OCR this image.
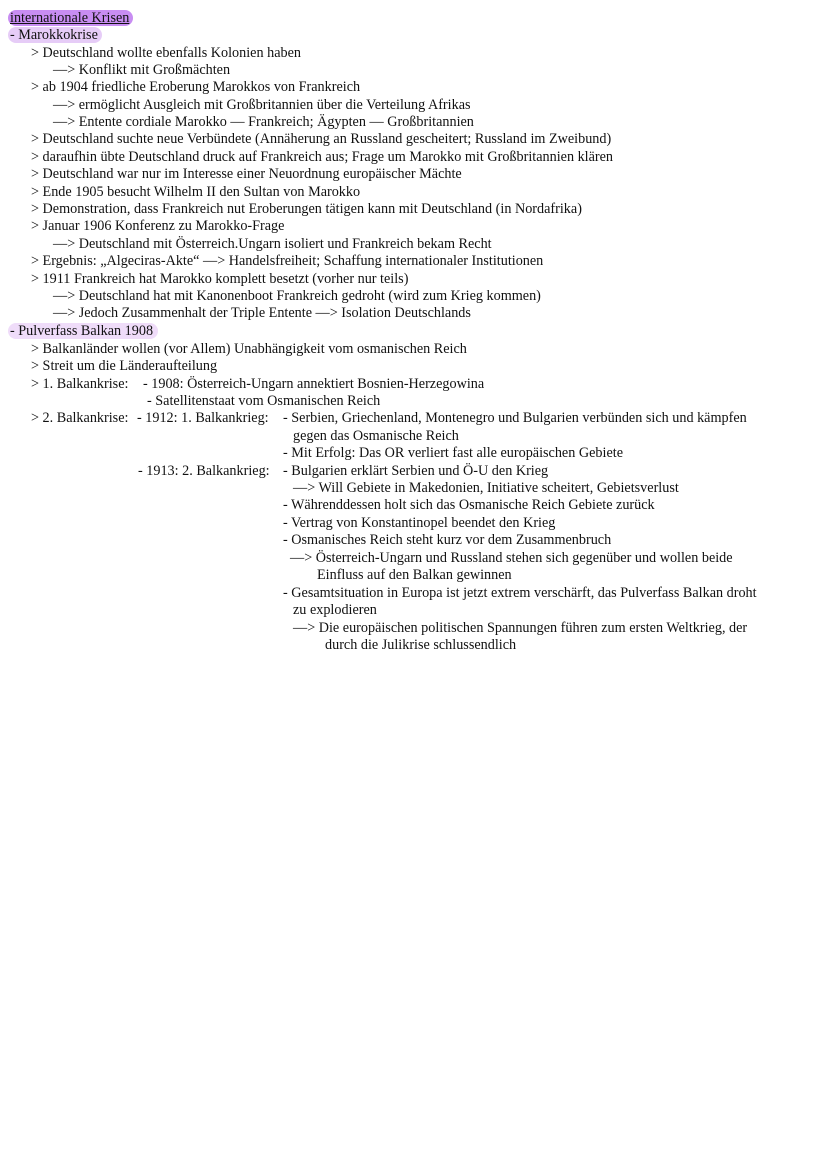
internationale Krisen
- Marokkokrise
> Deutschland wollte ebenfalls Kolonien haben
—> Konflikt mit Großmächten
> ab 1904 friedliche Eroberung Marokkos von Frankreich
—> ermöglicht Ausgleich mit Großbritannien über die Verteilung Afrikas
—> Entente cordiale Marokko — Frankreich; Ägypten — Großbritannien
> Deutschland suchte neue Verbündete (Annäherung an Russland gescheitert; Russland im Zweibund)
> daraufhin übte Deutschland druck auf Frankreich aus; Frage um Marokko mit Großbritannien klären
> Deutschland war nur im Interesse einer Neuordnung europäischer Mächte
> Ende 1905 besucht Wilhelm II den Sultan von Marokko
> Demonstration, dass Frankreich nut Eroberungen tätigen kann mit Deutschland (in Nordafrika)
> Januar 1906 Konferenz zu Marokko-Frage
—> Deutschland mit Österreich.Ungarn isoliert und Frankreich bekam Recht
> Ergebnis: „Algeciras-Akte“ —> Handelsfreiheit; Schaffung internationaler Institutionen
> 1911 Frankreich hat Marokko komplett besetzt (vorher nur teils)
—> Deutschland hat mit Kanonenboot Frankreich gedroht (wird zum Krieg kommen)
—> Jedoch Zusammenhalt der Triple Entente —> Isolation Deutschlands
- Pulverfass Balkan 1908
> Balkanländer wollen (vor Allem) Unabhängigkeit vom osmanischen Reich
> Streit um die Länderaufteilung
> 1. Balkankrise: - 1908: Österreich-Ungarn annektiert Bosnien-Herzegowina
- Satellitenstaat vom Osmanischen Reich
> 2. Balkankrise: - 1912: 1. Balkankrieg: - Serbien, Griechenland, Montenegro und Bulgarien verbünden sich und kämpfen
gegen das Osmanische Reich
- Mit Erfolg: Das OR verliert fast alle europäischen Gebiete
- 1913: 2. Balkankrieg: - Bulgarien erklärt Serbien und Ö-U den Krieg
—> Will Gebiete in Makedonien, Initiative scheitert, Gebietsverlust
- Währenddessen holt sich das Osmanische Reich Gebiete zurück
- Vertrag von Konstantinopel beendet den Krieg
- Osmanisches Reich steht kurz vor dem Zusammenbruch
—> Österreich-Ungarn und Russland stehen sich gegenüber und wollen beide
Einfluss auf den Balkan gewinnen
- Gesamtsituation in Europa ist jetzt extrem verschärft, das Pulverfass Balkan droht
zu explodieren
—> Die europäischen politischen Spannungen führen zum ersten Weltkrieg, der
durch die Julikrise schlussendlich
